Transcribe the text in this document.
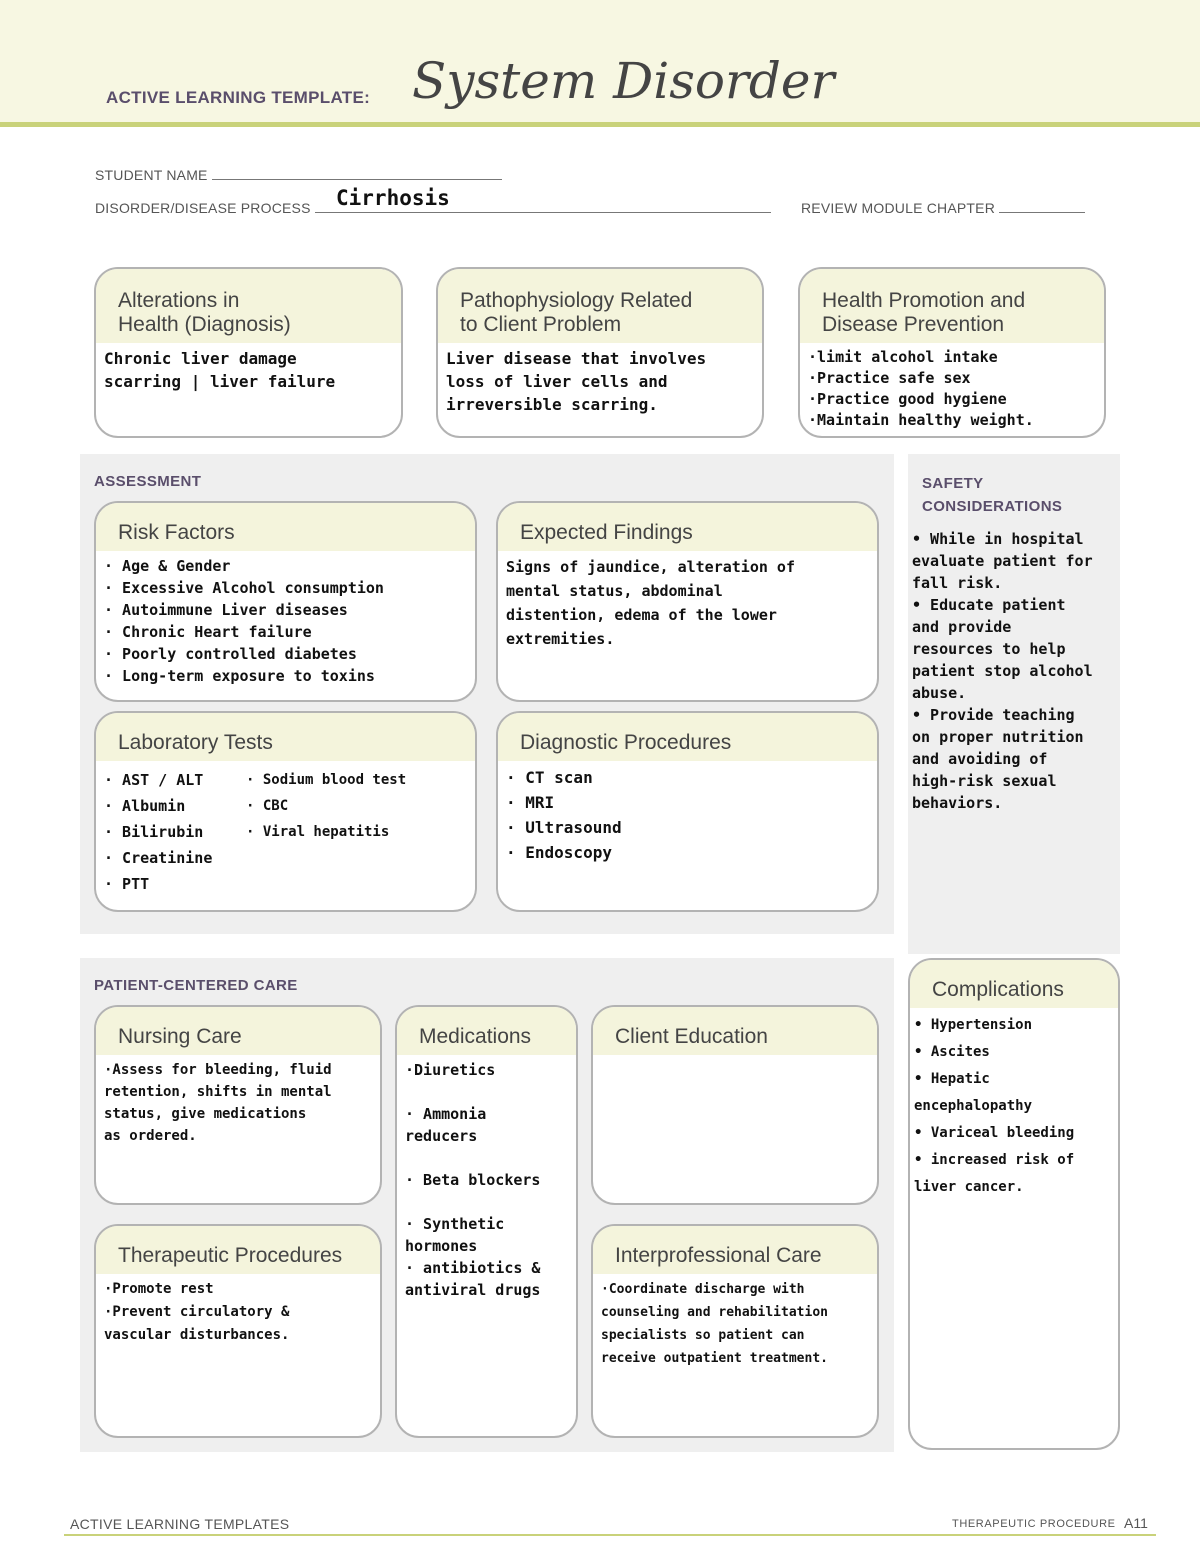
ACTIVE LEARNING TEMPLATE: System Disorder
STUDENT NAME
DISORDER/DISEASE PROCESS	Cirrhosis	REVIEW MODULE CHAPTER
Alterations in
Health (Diagnosis)
Chronic liver damage
scarring | liver failure
Pathophysiology Related
to Client Problem
Liver disease that involves
loss of liver cells and
irreversible scarring.
Health Promotion and
Disease Prevention
·limit alcohol intake
·Practice safe sex
·Practice good hygiene
·Maintain healthy weight.
ASSESSMENT
Risk Factors
· Age & Gender
· Excessive Alcohol consumption
· Autoimmune Liver diseases
· Chronic Heart failure
· Poorly controlled diabetes
· Long-term exposure to toxins
Expected Findings
Signs of jaundice, alteration of
mental status, abdominal
distention, edema of the lower
extremities.
Laboratory Tests
· AST / ALT
· Albumin
· Bilirubin
· Creatinine
· PTT
· Sodium blood test
· CBC
· Viral hepatitis
Diagnostic Procedures
· CT scan
· MRI
· Ultrasound
· Endoscopy
SAFETY
CONSIDERATIONS
• While in hospital
evaluate patient for
fall risk.
• Educate patient
and provide
resources to help
patient stop alcohol
abuse.
• Provide teaching
on proper nutrition
and avoiding of
high-risk sexual
behaviors.
PATIENT-CENTERED CARE
Nursing Care
·Assess for bleeding, fluid
retention, shifts in mental
status, give medications
as ordered.
Medications
·Diuretics

· Ammonia
reducers

· Beta blockers

· Synthetic
hormones
· antibiotics &
antiviral drugs
Client Education
Therapeutic Procedures
·Promote rest
·Prevent circulatory &
vascular disturbances.
Interprofessional Care
·Coordinate discharge with
counseling and rehabilitation
specialists so patient can
receive outpatient treatment.
Complications
• Hypertension
• Ascites
• Hepatic encephalopathy
• Variceal bleeding
• increased risk of
liver cancer.
ACTIVE LEARNING TEMPLATES	THERAPEUTIC PROCEDURE A11
